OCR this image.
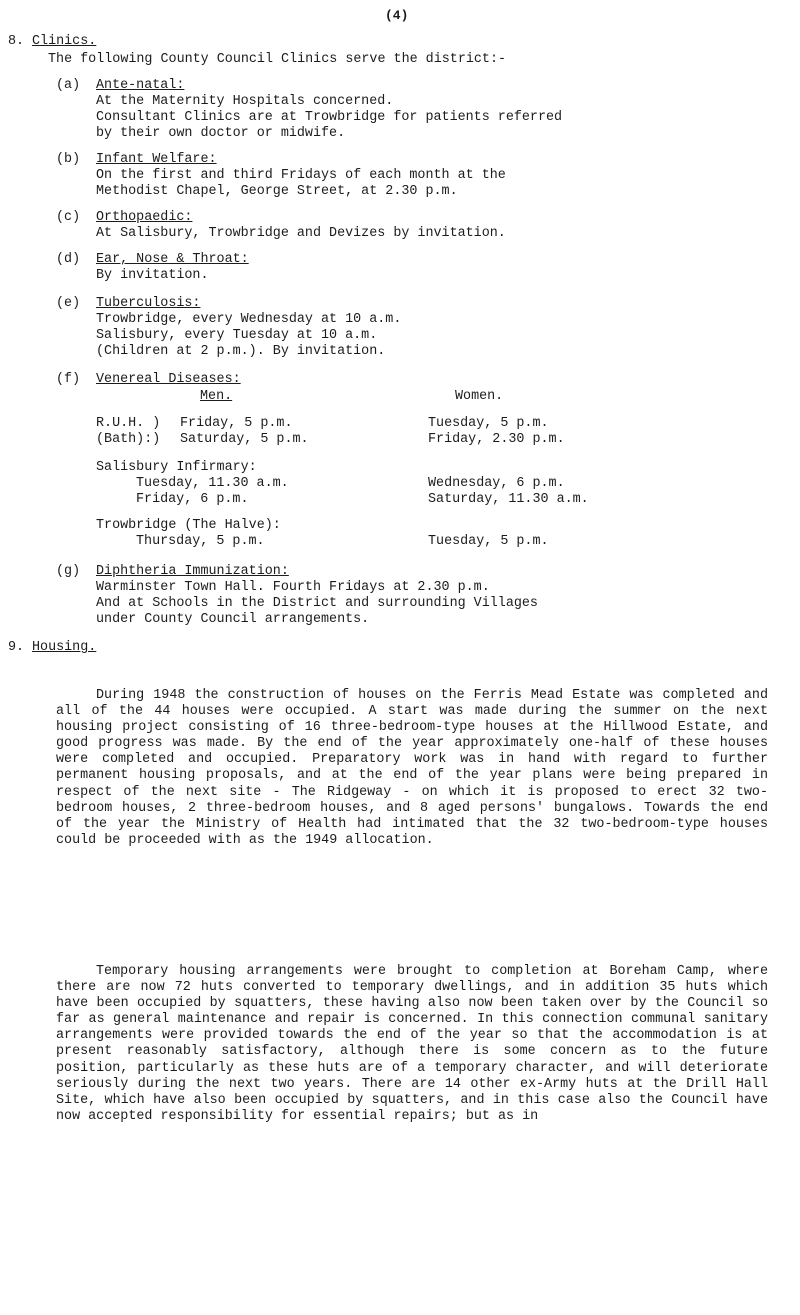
(4)
8. Clinics.
The following County Council Clinics serve the district:-
(a) Ante-natal:
At the Maternity Hospitals concerned.
Consultant Clinics are at Trowbridge for patients referred
by their own doctor or midwife.
(b) Infant Welfare:
On the first and third Fridays of each month at the
Methodist Chapel, George Street, at 2.30 p.m.
(c) Orthopaedic:
At Salisbury, Trowbridge and Devizes by invitation.
(d) Ear, Nose & Throat:
By invitation.
(e) Tuberculosis:
Trowbridge, every Wednesday at 10 a.m.
Salisbury, every Tuesday at 10 a.m.
(Children at 2 p.m.). By invitation.
(f) Venereal Diseases:
Men.	Women.
R.U.H. ) Friday, 5 p.m.	Tuesday, 5 p.m.
(Bath):) Saturday, 5 p.m.	Friday, 2.30 p.m.
Salisbury Infirmary:
Tuesday, 11.30 a.m.	Wednesday, 6 p.m.
Friday, 6 p.m.	Saturday, 11.30 a.m.
Trowbridge (The Halve):
Thursday, 5 p.m.	Tuesday, 5 p.m.
(g) Diphtheria Immunization:
Warminster Town Hall. Fourth Fridays at 2.30 p.m.
And at Schools in the District and surrounding Villages
under County Council arrangements.
9. Housing.

During 1948 the construction of houses on the Ferris Mead Estate was completed and all of the 44 houses were occupied. A start was made during the summer on the next housing project consisting of 16 three-bedroom-type houses at the Hillwood Estate, and good progress was made. By the end of the year approximately one-half of these houses were completed and occupied. Preparatory work was in hand with regard to further permanent housing proposals, and at the end of the year plans were being prepared in respect of the next site - The Ridgeway - on which it is proposed to erect 32 two-bedroom houses, 2 three-bedroom houses, and 8 aged persons' bungalows. Towards the end of the year the Ministry of Health had intimated that the 32 two-bedroom-type houses could be proceeded with as the 1949 allocation.

Temporary housing arrangements were brought to completion at Boreham Camp, where there are now 72 huts converted to temporary dwellings, and in addition 35 huts which have been occupied by squatters, these having also now been taken over by the Council so far as general maintenance and repair is concerned. In this connection communal sanitary arrangements were provided towards the end of the year so that the accommodation is at present reasonably satisfactory, although there is some concern as to the future position, particularly as these huts are of a temporary character, and will deteriorate seriously during the next two years. There are 14 other ex-Army huts at the Drill Hall Site, which have also been occupied by squatters, and in this case also the Council have now accepted responsibility for essential repairs; but as in
